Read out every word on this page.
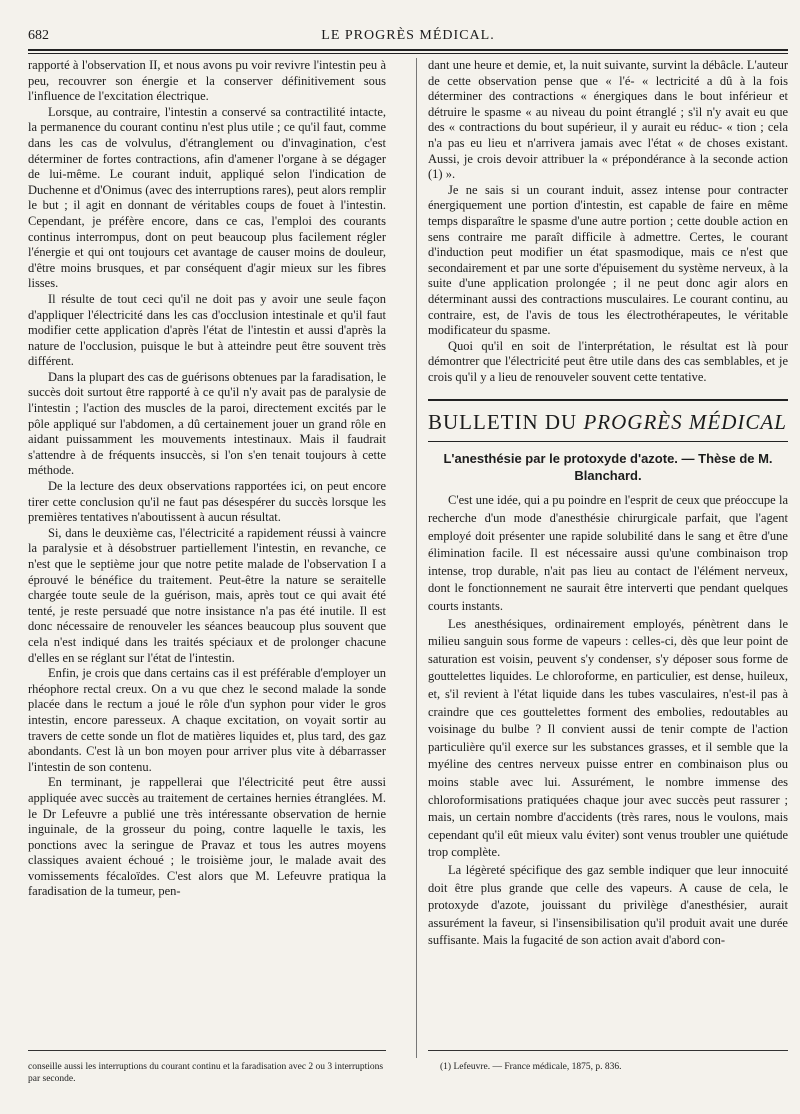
682	LE PROGRÈS MÉDICAL.

rapporté à l'observation II, et nous avons pu voir revivre l'intestin peu à peu, recouvrer son énergie et la conserver définitivement sous l'influence de l'excitation électrique.

Lorsque, au contraire, l'intestin a conservé sa contractilité intacte, la permanence du courant continu n'est plus utile ; ce qu'il faut, comme dans les cas de volvulus, d'étranglement ou d'invagination, c'est déterminer de fortes contractions, afin d'amener l'organe à se dégager de lui-même. Le courant induit, appliqué selon l'indication de Duchenne et d'Onimus (avec des interruptions rares), peut alors remplir le but ; il agit en donnant de véritables coups de fouet à l'intestin. Cependant, je préfère encore, dans ce cas, l'emploi des courants continus interrompus, dont on peut beaucoup plus facilement régler l'énergie et qui ont toujours cet avantage de causer moins de douleur, d'être moins brusques, et par conséquent d'agir mieux sur les fibres lisses.

Il résulte de tout ceci qu'il ne doit pas y avoir une seule façon d'appliquer l'électricité dans les cas d'occlusion intestinale et qu'il faut modifier cette application d'après l'état de l'intestin et aussi d'après la nature de l'occlusion, puisque le but à atteindre peut être souvent très différent.

Dans la plupart des cas de guérisons obtenues par la faradisation, le succès doit surtout être rapporté à ce qu'il n'y avait pas de paralysie de l'intestin ; l'action des muscles de la paroi, directement excités par le pôle appliqué sur l'abdomen, a dû certainement jouer un grand rôle en aidant puissamment les mouvements intestinaux. Mais il faudrait s'attendre à de fréquents insuccès, si l'on s'en tenait toujours à cette méthode.

De la lecture des deux observations rapportées ici, on peut encore tirer cette conclusion qu'il ne faut pas désespérer du succès lorsque les premières tentatives n'aboutissent à aucun résultat.

Si, dans le deuxième cas, l'électricité a rapidement réussi à vaincre la paralysie et à désobstruer partiellement l'intestin, en revanche, ce n'est que le septième jour que notre petite malade de l'observation I a éprouvé le bénéfice du traitement. Peut-être la nature se seraitelle chargée toute seule de la guérison, mais, après tout ce qui avait été tenté, je reste persuadé que notre insistance n'a pas été inutile. Il est donc nécessaire de renouveler les séances beaucoup plus souvent que cela n'est indiqué dans les traités spéciaux et de prolonger chacune d'elles en se réglant sur l'état de l'intestin.

Enfin, je crois que dans certains cas il est préférable d'employer un rhéophore rectal creux. On a vu que chez le second malade la sonde placée dans le rectum a joué le rôle d'un syphon pour vider le gros intestin, encore paresseux. A chaque excitation, on voyait sortir au travers de cette sonde un flot de matières liquides et, plus tard, des gaz abondants. C'est là un bon moyen pour arriver plus vite à débarrasser l'intestin de son contenu.

En terminant, je rappellerai que l'électricité peut être aussi appliquée avec succès au traitement de certaines hernies étranglées. M. le Dr Lefeuvre a publié une très intéressante observation de hernie inguinale, de la grosseur du poing, contre laquelle le taxis, les ponctions avec la seringue de Pravaz et tous les autres moyens classiques avaient échoué ; le troisième jour, le malade avait des vomissements fécaloïdes. C'est alors que M. Lefeuvre pratiqua la faradisation de la tumeur, pen-

dant une heure et demie, et, la nuit suivante, survint la débâcle. L'auteur de cette observation pense que « l'é- « lectricité a dû à la fois déterminer des contractions « énergiques dans le bout inférieur et détruire le spasme « au niveau du point étranglé ; s'il n'y avait eu que des « contractions du bout supérieur, il y aurait eu réduc- « tion ; cela n'a pas eu lieu et n'arrivera jamais avec l'état « de choses existant. Aussi, je crois devoir attribuer la « prépondérance à la seconde action (1) ».

Je ne sais si un courant induit, assez intense pour contracter énergiquement une portion d'intestin, est capable de faire en même temps disparaître le spasme d'une autre portion ; cette double action en sens contraire me paraît difficile à admettre. Certes, le courant d'induction peut modifier un état spasmodique, mais ce n'est que secondairement et par une sorte d'épuisement du système nerveux, à la suite d'une application prolongée ; il ne peut donc agir alors en déterminant aussi des contractions musculaires. Le courant continu, au contraire, est, de l'avis de tous les électrothérapeutes, le véritable modificateur du spasme.

Quoi qu'il en soit de l'interprétation, le résultat est là pour démontrer que l'électricité peut être utile dans des cas semblables, et je crois qu'il y a lieu de renouveler souvent cette tentative.

BULLETIN DU PROGRÈS MÉDICAL

L'anesthésie par le protoxyde d'azote. — Thèse de M. Blanchard.

C'est une idée, qui a pu poindre en l'esprit de ceux que préoccupe la recherche d'un mode d'anesthésie chirurgicale parfait, que l'agent employé doit présenter une rapide solubilité dans le sang et être d'une élimination facile. Il est nécessaire aussi qu'une combinaison trop intense, trop durable, n'ait pas lieu au contact de l'élément nerveux, dont le fonctionnement ne saurait être interverti que pendant quelques courts instants.

Les anesthésiques, ordinairement employés, pénètrent dans le milieu sanguin sous forme de vapeurs : celles-ci, dès que leur point de saturation est voisin, peuvent s'y condenser, s'y déposer sous forme de gouttelettes liquides. Le chloroforme, en particulier, est dense, huileux, et, s'il revient à l'état liquide dans les tubes vasculaires, n'est-il pas à craindre que ces gouttelettes forment des embolies, redoutables au voisinage du bulbe ? Il convient aussi de tenir compte de l'action particulière qu'il exerce sur les substances grasses, et il semble que la myéline des centres nerveux puisse entrer en combinaison plus ou moins stable avec lui. Assurément, le nombre immense des chloroformisations pratiquées chaque jour avec succès peut rassurer ; mais, un certain nombre d'accidents (très rares, nous le voulons, mais cependant qu'il eût mieux valu éviter) sont venus troubler une quiétude trop complète.

La légèreté spécifique des gaz semble indiquer que leur innocuité doit être plus grande que celle des vapeurs. A cause de cela, le protoxyde d'azote, jouissant du privilège d'anesthésier, aurait assurément la faveur, si l'insensibilisation qu'il produit avait une durée suffisante. Mais la fugacité de son action avait d'abord con-

conseille aussi les interruptions du courant continu et la faradisation avec 2 ou 3 interruptions par seconde.

(1) Lefeuvre. — France médicale, 1875, p. 836.
